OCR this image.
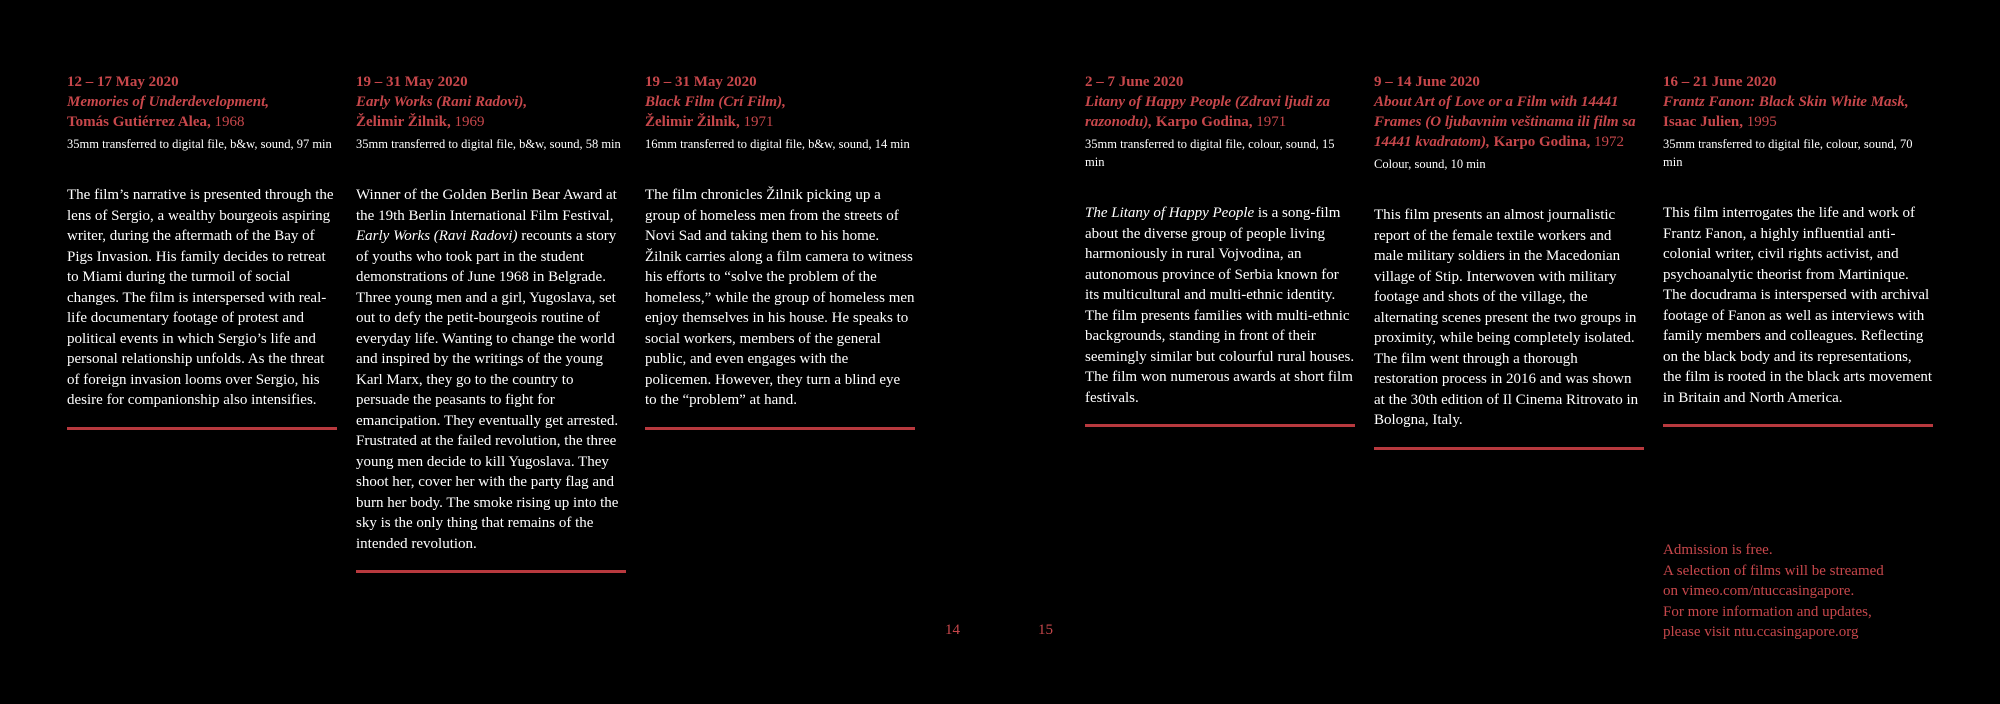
12 – 17 May 2020
Memories of Underdevelopment,
Tomás Gutiérrez Alea, 1968
35mm transferred to digital file, b&w, sound, 97 min
The film’s narrative is presented through the lens of Sergio, a wealthy bourgeois aspiring writer, during the aftermath of the Bay of Pigs Invasion. His family decides to retreat to Miami during the turmoil of social changes. The film is interspersed with real-life documentary footage of protest and political events in which Sergio’s life and personal relationship unfolds. As the threat of foreign invasion looms over Sergio, his desire for companionship also intensifies.
19 – 31 May 2020
Early Works (Rani Radovi),
Želimir Žilnik, 1969
35mm transferred to digital file, b&w, sound, 58 min
Winner of the Golden Berlin Bear Award at the 19th Berlin International Film Festival, Early Works (Ravi Radovi) recounts a story of youths who took part in the student demonstrations of June 1968 in Belgrade. Three young men and a girl, Yugoslava, set out to defy the petit-bourgeois routine of everyday life. Wanting to change the world and inspired by the writings of the young Karl Marx, they go to the country to persuade the peasants to fight for emancipation. They eventually get arrested. Frustrated at the failed revolution, the three young men decide to kill Yugoslava. They shoot her, cover her with the party flag and burn her body. The smoke rising up into the sky is the only thing that remains of the intended revolution.
19 – 31 May 2020
Black Film (Crí Film),
Želimir Žilnik, 1971
16mm transferred to digital file, b&w, sound, 14 min
The film chronicles Žilnik picking up a group of homeless men from the streets of Novi Sad and taking them to his home. Žilnik carries along a film camera to witness his efforts to “solve the problem of the homeless,” while the group of homeless men enjoy themselves in his house. He speaks to social workers, members of the general public, and even engages with the policemen. However, they turn a blind eye to the “problem” at hand.
14	15
2 – 7 June 2020
Litany of Happy People (Zdravi ljudi za razonodu), Karpo Godina, 1971
35mm transferred to digital file, colour, sound, 15 min
The Litany of Happy People is a song-film about the diverse group of people living harmoniously in rural Vojvodina, an autonomous province of Serbia known for its multicultural and multi-ethnic identity. The film presents families with multi-ethnic backgrounds, standing in front of their seemingly similar but colourful rural houses. The film won numerous awards at short film festivals.
9 – 14 June 2020
About Art of Love or a Film with 14441 Frames (O ljubavnim veštinama ili film sa 14441 kvadratom), Karpo Godina, 1972
Colour, sound, 10 min
This film presents an almost journalistic report of the female textile workers and male military soldiers in the Macedonian village of Stip. Interwoven with military footage and shots of the village, the alternating scenes present the two groups in proximity, while being completely isolated. The film went through a thorough restoration process in 2016 and was shown at the 30th edition of Il Cinema Ritrovato in Bologna, Italy.
16 – 21 June 2020
Frantz Fanon: Black Skin White Mask,
Isaac Julien, 1995
35mm transferred to digital file, colour, sound, 70 min
This film interrogates the life and work of Frantz Fanon, a highly influential anti-colonial writer, civil rights activist, and psychoanalytic theorist from Martinique. The docudrama is interspersed with archival footage of Fanon as well as interviews with family members and colleagues. Reflecting on the black body and its representations, the film is rooted in the black arts movement in Britain and North America.
Admission is free.
A selection of films will be streamed
on vimeo.com/ntuccasingapore.
For more information and updates,
please visit ntu.ccasingapore.org
